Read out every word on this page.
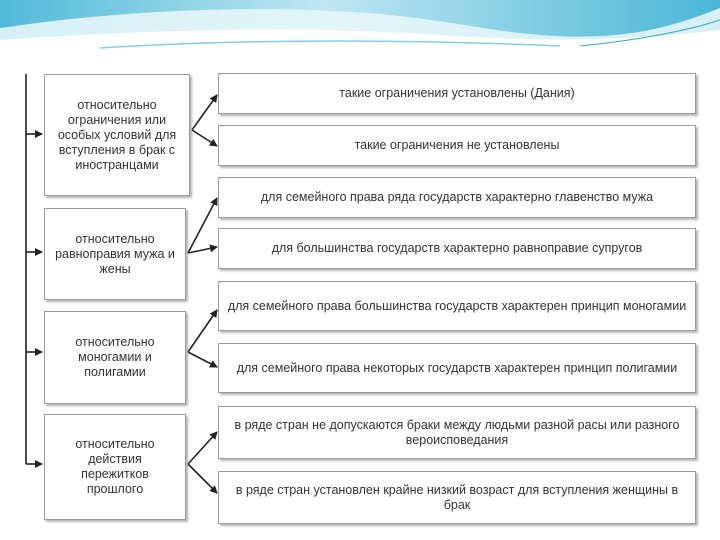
относительно ограничения или особых условий для вступления в брак с иностранцами
относительно равноправия мужа и жены
относительно моногамии и полигамии
относительно действия пережитков прошлого
такие ограничения установлены (Дания)
такие ограничения не установлены
для семейного права ряда государств характерно главенство мужа
для большинства государств характерно равноправие супругов
для семейного права большинства государств характерен принцип моногамии
для семейного права некоторых государств характерен принцип полигамии
в ряде стран не допускаются браки между людьми разной расы или разного вероисповедания
в ряде стран установлен крайне низкий возраст для вступления женщины в брак
